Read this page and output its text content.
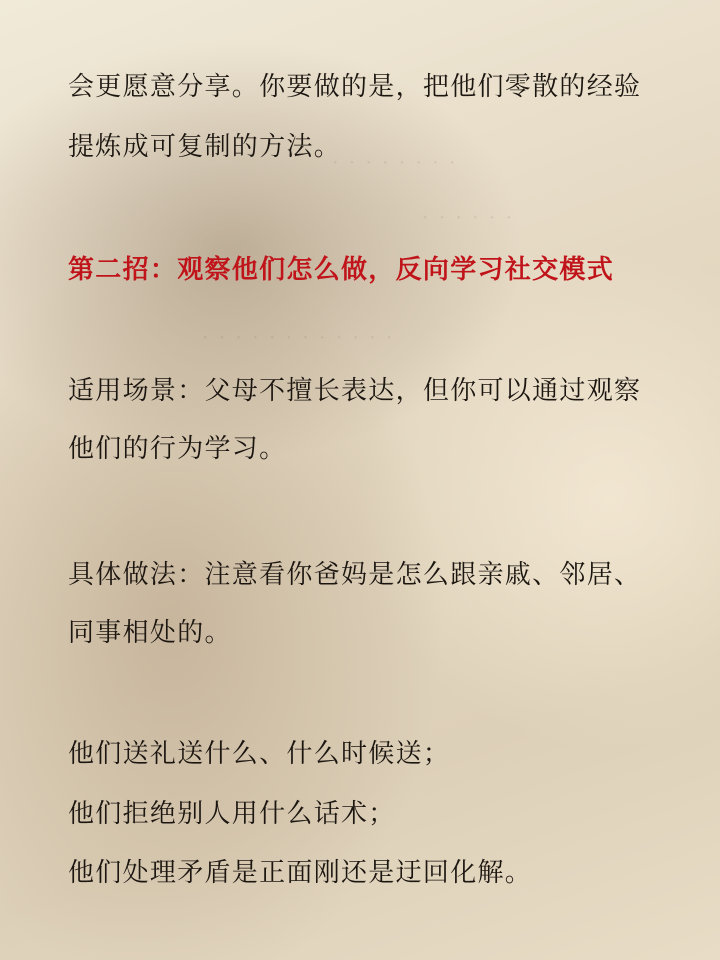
· · · · · · · ·
· · · · · ·
· · · · · · · · · · · ·
会更愿意分享。你要做的是，把他们零散的经验
提炼成可复制的方法。
第二招：观察他们怎么做，反向学习社交模式
适用场景：父母不擅长表达，但你可以通过观察
他们的行为学习。
具体做法：注意看你爸妈是怎么跟亲戚、邻居、
同事相处的。
他们送礼送什么、什么时候送；
他们拒绝别人用什么话术；
他们处理矛盾是正面刚还是迂回化解。
